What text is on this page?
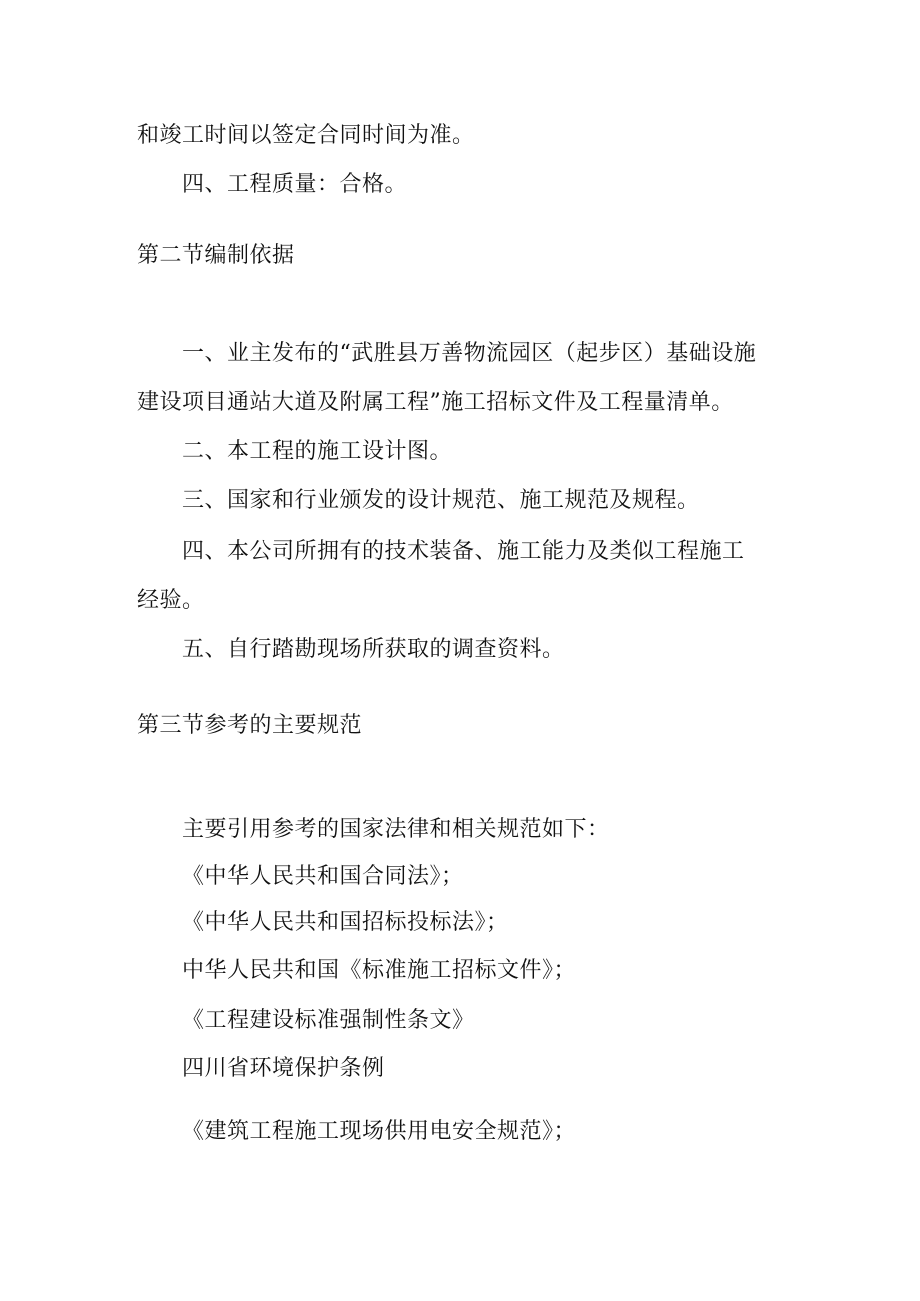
和竣工时间以签定合同时间为准。
四、工程质量：合格。
第二节编制依据
一、业主发布的“武胜县万善物流园区（起步区）基础设施
建设项目通站大道及附属工程”施工招标文件及工程量清单。
二、本工程的施工设计图。
三、国家和行业颁发的设计规范、施工规范及规程。
四、本公司所拥有的技术装备、施工能力及类似工程施工
经验。
五、自行踏勘现场所获取的调查资料。
第三节参考的主要规范
主要引用参考的国家法律和相关规范如下：
《中华人民共和国合同法》；
《中华人民共和国招标投标法》；
中华人民共和国《标准施工招标文件》；
《工程建设标准强制性条文》
四川省环境保护条例
《建筑工程施工现场供用电安全规范》；
